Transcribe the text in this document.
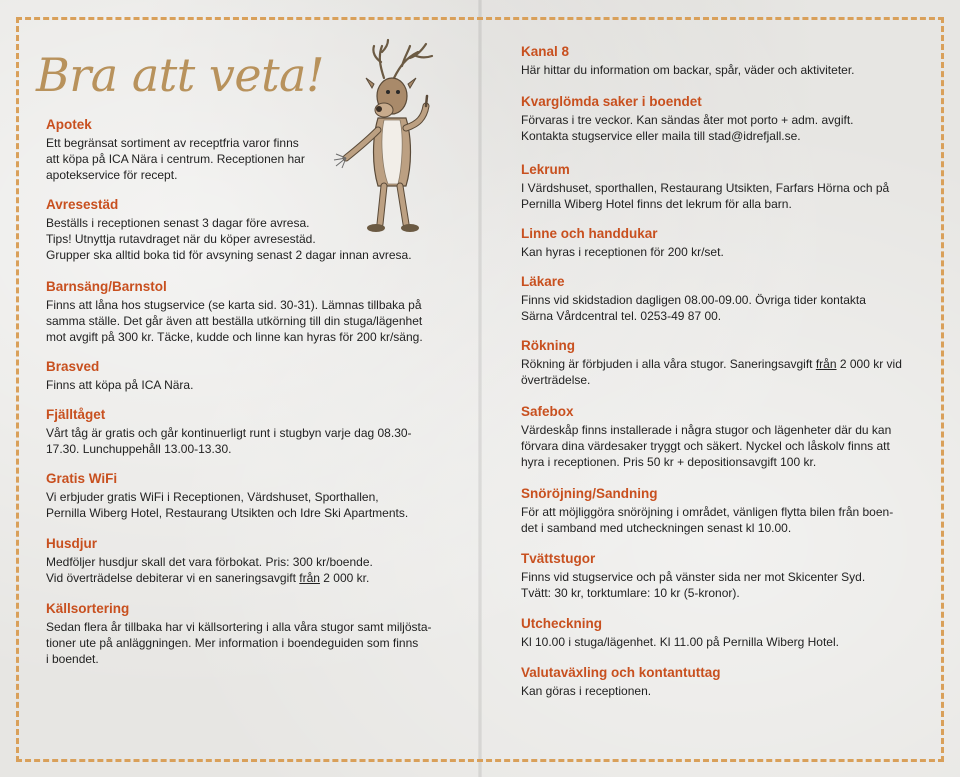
Bra att veta!
Apotek

Ett begränsat sortiment av receptfria varor finns
att köpa på ICA Nära i centrum. Receptionen har
apotekservice för recept.

Avresestäd

Beställs i receptionen senast 3 dagar före avresa.
Tips! Utnyttja rutavdraget när du köper avresestäd.
Grupper ska alltid boka tid för avsyning senast 2 dagar innan avresa.

Barnsäng/Barnstol

Finns att låna hos stugservice (se karta sid. 30-31). Lämnas tillbaka på
samma ställe. Det går även att beställa utkörning till din stuga/lägenhet
mot avgift på 300 kr. Täcke, kudde och linne kan hyras för 200 kr/säng.

Brasved

Finns att köpa på ICA Nära.

Fjälltåget

Vårt tåg är gratis och går kontinuerligt runt i stugbyn varje dag 08.30-
17.30. Lunchuppehåll 13.00-13.30.

Gratis WiFi

Vi erbjuder gratis WiFi i Receptionen, Värdshuset, Sporthallen,
Pernilla Wiberg Hotel, Restaurang Utsikten och Idre Ski Apartments.

Husdjur

Medföljer husdjur skall det vara förbokat. Pris: 300 kr/boende.
Vid överträdelse debiterar vi en saneringsavgift från 2 000 kr.

Källsortering

Sedan flera år tillbaka har vi källsortering i alla våra stugor samt miljösta-
tioner ute på anläggningen. Mer information i boendeguiden som finns
i boendet.

Kanal 8

Här hittar du information om backar, spår, väder och aktiviteter.

Kvarglömda saker i boendet

Förvaras i tre veckor. Kan sändas åter mot porto + adm. avgift.
Kontakta stugservice eller maila till stad@idrefjall.se.

Lekrum

I Värdshuset, sporthallen, Restaurang Utsikten, Farfars Hörna och på
Pernilla Wiberg Hotel finns det lekrum för alla barn.

Linne och handdukar

Kan hyras i receptionen för 200 kr/set.

Läkare

Finns vid skidstadion dagligen 08.00-09.00. Övriga tider kontakta
Särna Vårdcentral tel. 0253-49 87 00.

Rökning

Rökning är förbjuden i alla våra stugor. Saneringsavgift från 2 000 kr vid
överträdelse.

Safebox

Värdeskåp finns installerade i några stugor och lägenheter där du kan
förvara dina värdesaker tryggt och säkert. Nyckel och låskolv finns att
hyra i receptionen. Pris 50 kr + depositionsavgift 100 kr.

Snöröjning/Sandning

För att möjliggöra snöröjning i området, vänligen flytta bilen från boen-
det i samband med utcheckningen senast kl 10.00.

Tvättstugor

Finns vid stugservice och på vänster sida ner mot Skicenter Syd.
Tvätt: 30 kr, torktumlare: 10 kr (5-kronor).

Utcheckning

Kl 10.00 i stuga/lägenhet. Kl 11.00 på Pernilla Wiberg Hotel.

Valutaväxling och kontantuttag

Kan göras i receptionen.
